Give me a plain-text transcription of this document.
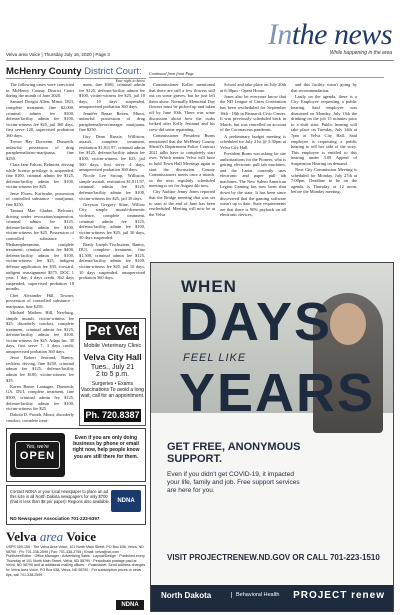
Velva area Voice | Thursday July 16, 2020 | Page 3
Inthe news
While happening in the area
McHenry County District Court: Continued from front Page
Your right to know

The following cases were convicted in McHenry County District Court during the month of June 2020.

Samuel Dwight Allen, Minot, DUI, complete treatment, fine $2,000, criminal admin fee $300, defense/facility admin fee $100, victim-witness fee $25, jail 360 days, first serve 120, supervised probation 360 days.

Trevor Ray Dorwenn, Dunseith, unlawful possession of drug paraphernalia/no-marijuana, fine $250.

Clara Jane Falcon, Belmont, driving while license privilege is suspended, fine $100, criminal admin fee $125, defense/facility admin fee $100, victim-witness fee $25.

Jesse Flores, Karlsruhe, possession of controlled substance - marijuana, fine $250.

Tamara Mae Gladue, Belcourt, driving under revocation/suspension, criminal admin fee $125, defense/facility admin fee $100, victim-witness fee $25. Possession of controlled substance - Methamphetamine, complete treatment, criminal admin fee $400, defense/facility admin fee $100, victim-witness fee $25, indigent defense application fee $35, forward, indigent reassignment $575. DOC 1 year, 1 day, 4 days credit, 362 days suspended, supervised probation 18 months.

Chet Alexander Hill, Towner, possession of controlled substance - marijuana, fine $250.

Michael Mathew Hill, Newburg, simple assault, victim-witness fee $25, disorderly conduct, complete treatment, criminal admin fee $125, defense/facility admin fee $100, victim-witness fee $25. Adapt Inc. 30 days, first serve 7, 3 days credit, unsupervised probation 360 days.

Jesse Robert Jestrand, Bantry, reckless driving, fine $250, criminal admin fee $125, defense/facility admin fee $100, victim-witness fee $25.

Karen Renee Lantagne, Dunseith, GA, DUI, complete treatment, fine $500, criminal admin fee $125, defense/facility admin fee $100, victim-witness fee $25.

Dakota D. Pronth, Minot, disorderly conduct, complete treat-

ment, fine $300, criminal admin fee $125, defense/facility admin fee $100, victim-witness fee $25, jail 10 days, 10 days suspended, unsupervised probation 360 days.

Jennifer Renae Reiten, Minot, unlawful possession of drug paraphernalia-no/meager marijuana, fine $250.

Guy Dean Russie, Williston, assault, complete treatment, restitution $1,811.97, criminal admin fee $125, defense/facility admin fee $100, victim-witness fee $25, jail 360 days, first serve 4 days, unsupervised probation 360 days.

Nicole Lee Stroup, Williston, simple assault, restitution $1,811.97, criminal admin fee $125, defense/facility admin fee $100, victim-witness fee $25, jail 30 days.

Greyson Gregory Stine, Willow City, simple assault-domestic violence, complete treatment, criminal admin fee $125, defense/facility admin fee $100, victim-witness fee $25, jail 30 days, 30 days suspended.

Brady Joseph Tischsziem, Bantry, DUI, complete treatment, fine $1,500, criminal admin fee $125, defense/facility admin fee $100, victim-witness fee $25, jail 10 days, 10 days suspended, unsupervised probation 360 days.

Commissioner Keller mentioned that there are still a few flowers still out on some graves, but he just left them alone. Normally Memorial Day flowers must be picked up and taken off by June 10th. There was some discussion about how the curbs looked after Kelly Jestrand and his crew did some repainting.

Commissioner President Burns mentioned that the McHenry County Sheriff's Department Police Contract 2021 talks have to completely start over. Which means Velva will have to hold Town Hall Meetings again to start the discussion. County Commissioners meets once a month, so the next regularly scheduled meeting is set for August 4th now.

City Auditor Jenny Jones reported that the Bridge meeting that was set to start at the end of June has been rescheduled. Meeting will now be at the Velva

School and take place on July 20th at 6:30pm - Opera House.

Jones also let everyone know that the ND League of Cities Convention has been rescheduled for September 16th - 18th in Bismarck Civic Center. It was previously scheduled back in March, but was cancelled on account of the Coronavirus pandemic.

A preliminary budget meeting is scheduled for July 21st @ 5:30pm at Velva City Hall.

President Burns was asking for site authorizations for the Pioneer, who is getting electronic pull tab machines, and the Lariat currently uses electronic and paper pull tab machines. The New Salem American Legion Gaming has now been shut down by the state. It has been since discovered that the gaming software wasn't up to date. State requirements are that there is 90% payback on all electronic devices,

and this facility wasn't going by that recommendation.

Lastly on the agenda, there is a City Employee requesting a public hearing. Said employee was dismissed on Monday, July 13th the drinking on the job 15 minutes prior to a shift start. Public hearing will take place on Tuesday, July 14th at 7pm at Velva City Hall. Said employee is requesting a public hearing to tell her side of the story. This employee is entitled to this hearing under 3.09 Appeal of Suspension Hearing on demand.

Next City Commission Meeting is scheduled for Monday, July 27th at 7:00pm. Deadline to be on the agenda is Thursday at 12 noon, before the Monday meeting.

Pet Vet
Mobile Veterinary Clinic
Velva City Hall
Tues., July 21
2 to 5 p.m.
Surgeries • Exams Vaccinations To avoid a long wait, call for an appointment.
Ph. 720.8387
Yes, we're
OPEN
Even if you are only doing business by phone or email right now, help people know you are still there for them.
Contact NDNA or your local newspaper to place an ad this size in all North Dakota newspapers for only $700 (that is less than $8 per paper)! Regions also available.	NDNA
ND Newspaper Association 701-223-6397
Velva area Voice
USPS 009-156 · The Velva Area Voice, 101 North Main Street, PO Box 638, Velva, ND 58790 · Ph: 701-338-2599 | Fax: 701-338-2755 | Email: velva@srt.com · Publisher/Editor · Office Manager · Advertising Sales · Layout/Design · Published every Thursday at 101 North Main Street, Velva, ND 58790 · Periodicals postage paid at Velva, ND 58790 and at additional mailing offices. · Postmaster: Send address changes to: Velva Area Voice, PO Box 638, Velva, ND 58790 · For subscription prices or news tips, call 701-338-2599
NDNA
WHEN
DAYS
FEEL LIKE
YEARS
GET FREE, ANONYMOUS SUPPORT.
Even if you didn't get COVID-19, it impacted your life, family and job. Free support services are here for you.
VISIT PROJECTRENEW.ND.GOV OR CALL 701-223-1510
North Dakota	Behavioral Health PROJECT renew
